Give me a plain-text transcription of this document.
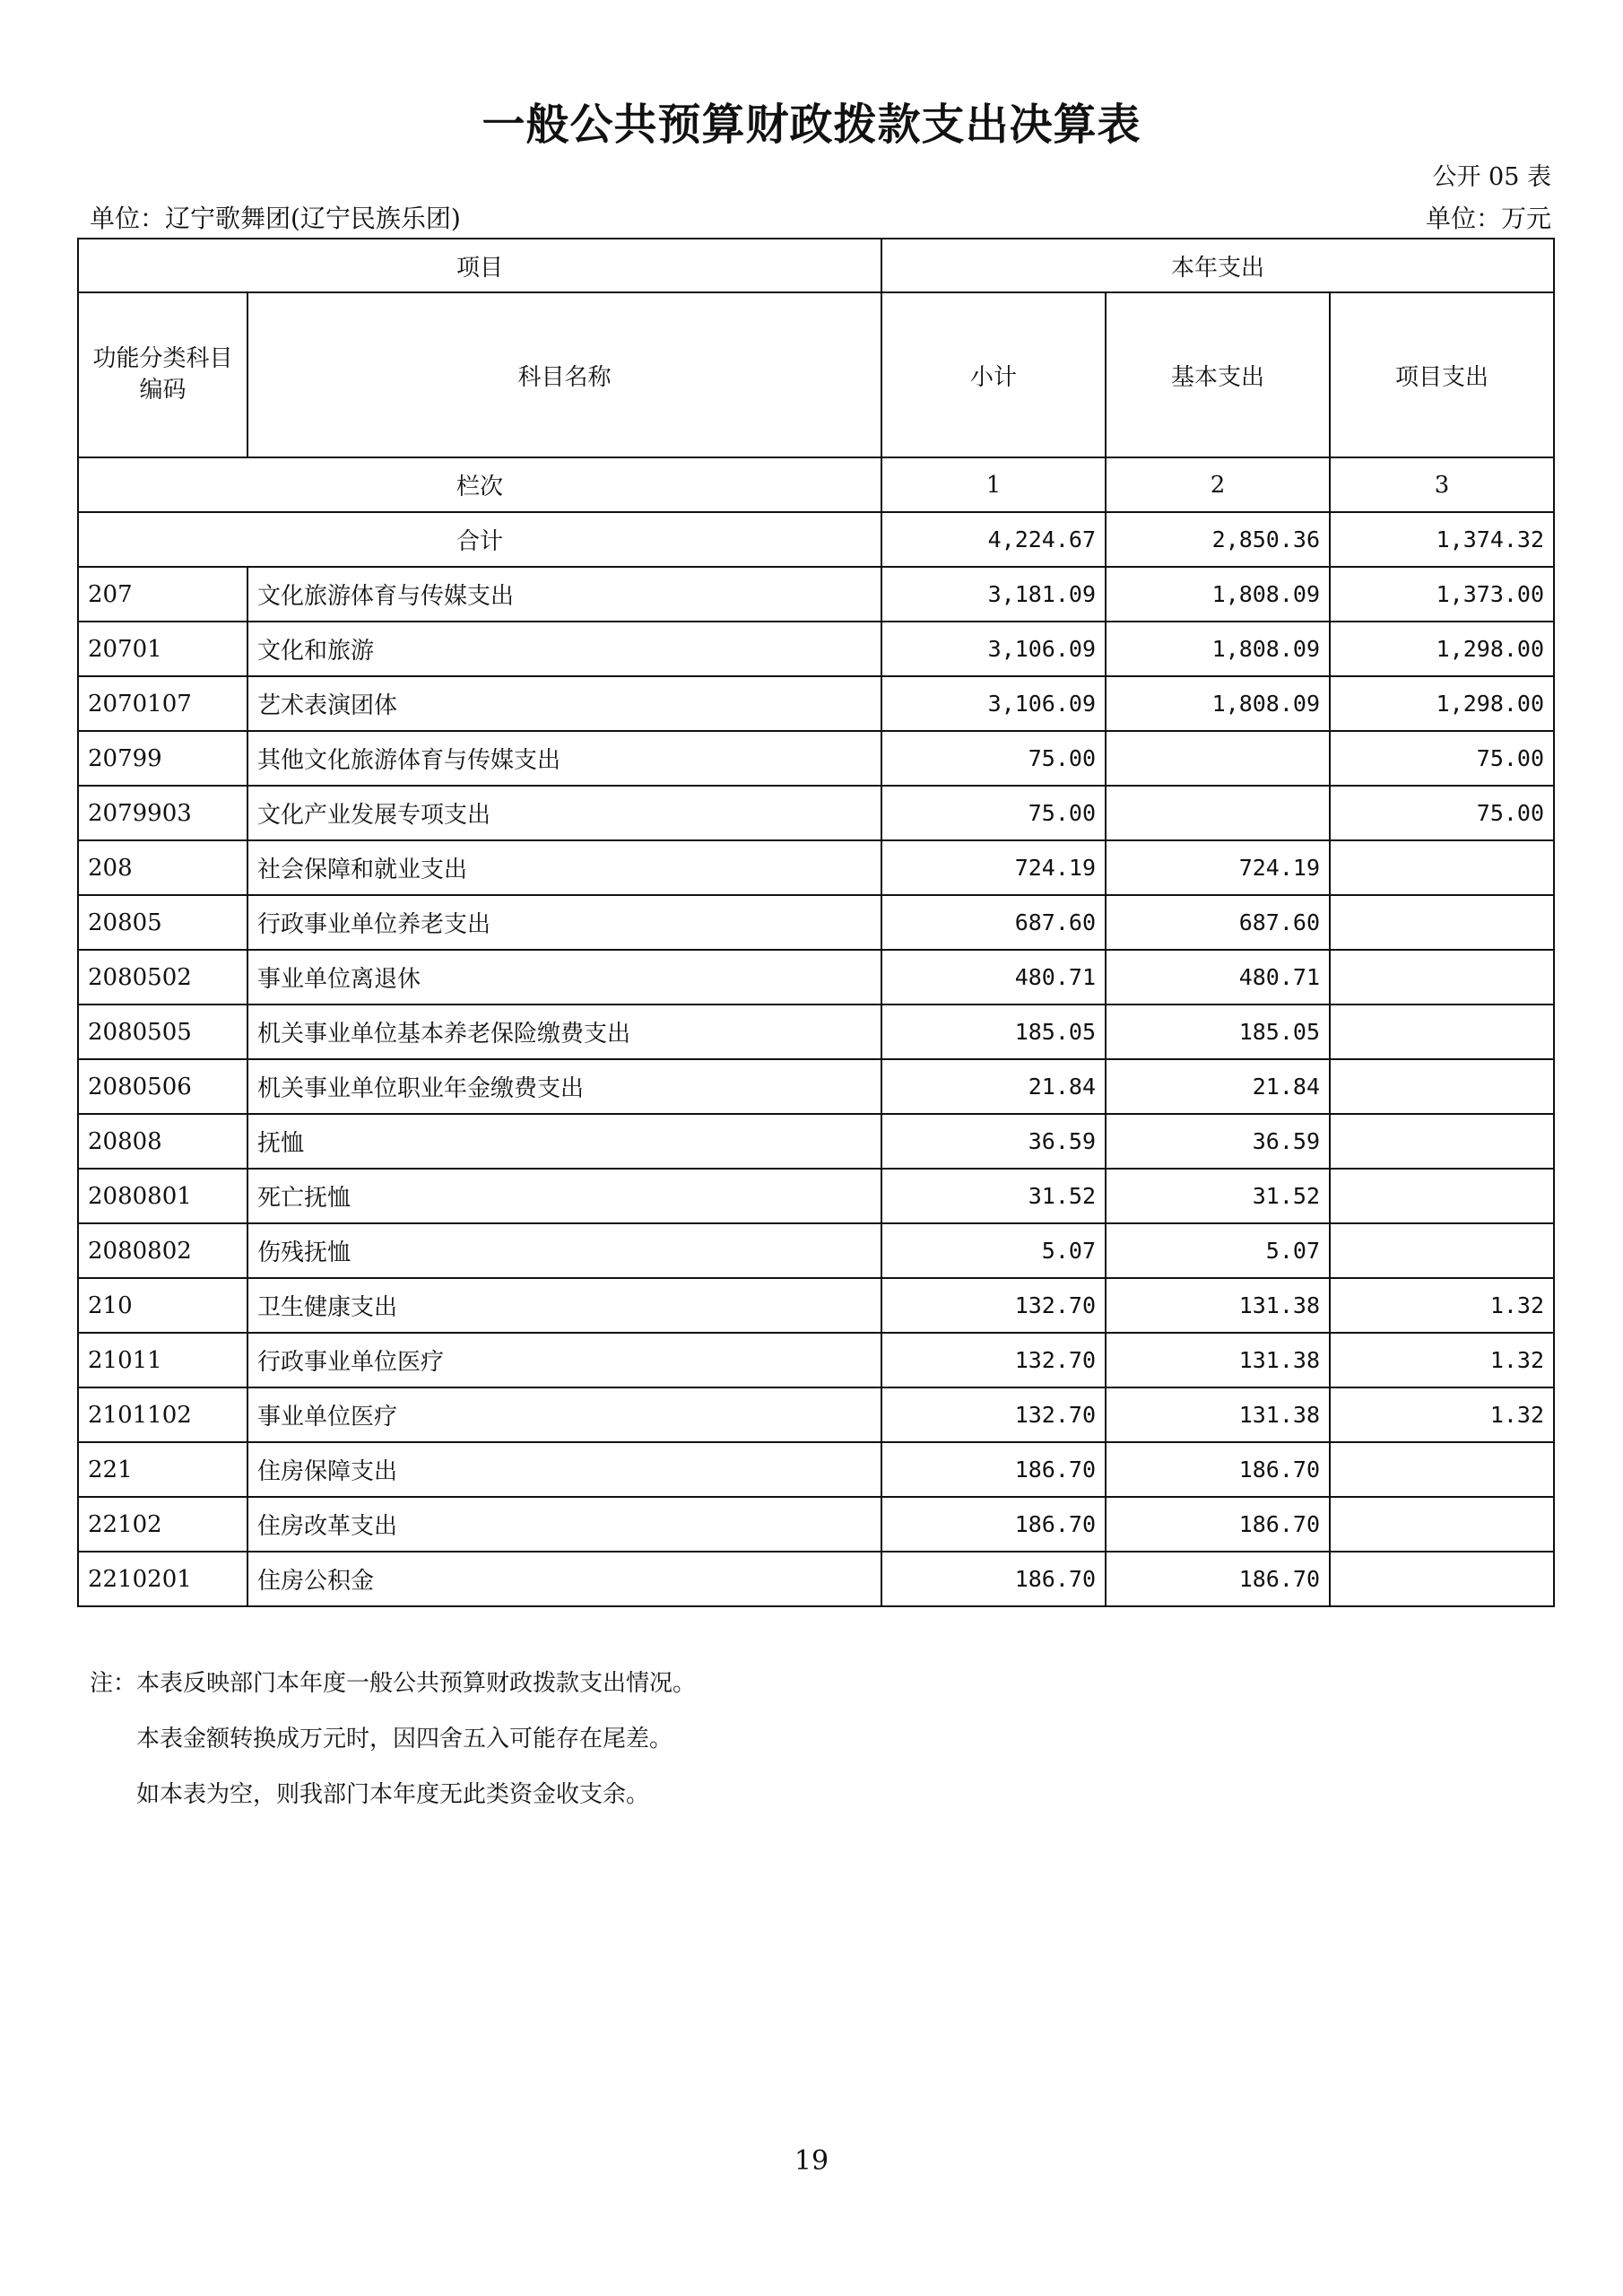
一般公共预算财政拨款支出决算表
公开 05 表
单位：辽宁歌舞团(辽宁民族乐团)	单位：万元
项目		本年支出		
功能分类科目编码	科目名称	小计	基本支出	项目支出
栏次		1	2	3
合计		4,224.67	2,850.36	1,374.32
207	文化旅游体育与传媒支出	3,181.09	1,808.09	1,373.00
20701	文化和旅游	3,106.09	1,808.09	1,298.00
2070107	艺术表演团体	3,106.09	1,808.09	1,298.00
20799	其他文化旅游体育与传媒支出	75.00		75.00
2079903	文化产业发展专项支出	75.00		75.00
208	社会保障和就业支出	724.19	724.19	
20805	行政事业单位养老支出	687.60	687.60	
2080502	事业单位离退休	480.71	480.71	
2080505	机关事业单位基本养老保险缴费支出	185.05	185.05	
2080506	机关事业单位职业年金缴费支出	21.84	21.84	
20808	抚恤	36.59	36.59	
2080801	死亡抚恤	31.52	31.52	
2080802	伤残抚恤	5.07	5.07	
210	卫生健康支出	132.70	131.38	1.32
21011	行政事业单位医疗	132.70	131.38	1.32
2101102	事业单位医疗	132.70	131.38	1.32
221	住房保障支出	186.70	186.70	
22102	住房改革支出	186.70	186.70	
2210201	住房公积金	186.70	186.70	
注：本表反映部门本年度一般公共预算财政拨款支出情况。
本表金额转换成万元时，因四舍五入可能存在尾差。
如本表为空，则我部门本年度无此类资金收支余。
19
